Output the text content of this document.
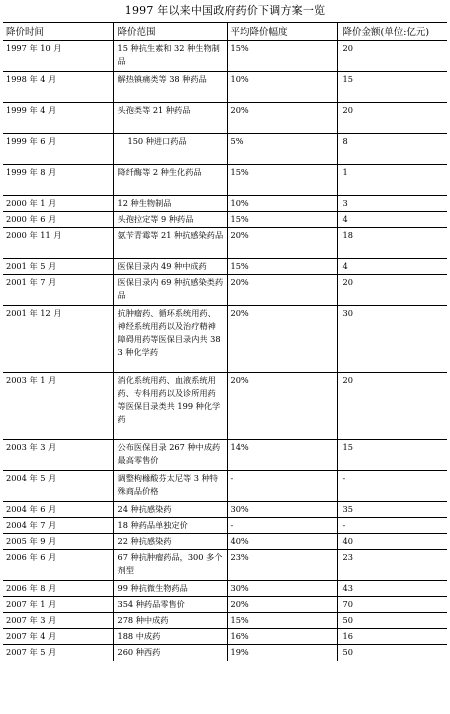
1997 年以来中国政府药价下调方案一览
降价时间	降价范围	平均降价幅度	降价金额(单位:亿元)
1997 年 10 月	15 种抗生素和 32 种生物制品	15%	20
1998 年 4 月	解热镇痛类等 38 种药品	10%	15
1999 年 4 月	头孢类等 21 种药品	20%	20
1999 年 6 月	150 种进口药品	5%	8
1999 年 8 月	降纤酶等 2 种生化药品	15%	1
2000 年 1 月	12 种生物制品	10%	3
2000 年 6 月	头孢拉定等 9 种药品	15%	4
2000 年 11 月	氨苄青霉等 21 种抗感染药品	20%	18
2001 年 5 月	医保目录内 49 种中成药	15%	4
2001 年 7 月	医保目录内 69 种抗感染类药品	20%	20
2001 年 12 月	抗肿瘤药、循环系统用药、神经系统用药以及治疗精神障碍用药等医保目录内共 383 种化学药	20%	30
2003 年 1 月	消化系统用药、血液系统用药、专科用药以及诊所用药等医保目录类共 199 种化学药	20%	20
2003 年 3 月	公布医保目录 267 种中成药最高零售价	14%	15
2004 年 5 月	调整枸橼酸芬太尼等 3 种特殊商品价格	-	-
2004 年 6 月	24 种抗感染药	30%	35
2004 年 7 月	18 种药品单独定价	-	-
2005 年 9 月	22 种抗感染药	40%	40
2006 年 6 月	67 种抗肿瘤药品，300 多个剂型	23%	23
2006 年 8 月	99 种抗微生物药品	30%	43
2007 年 1 月	354 种药品零售价	20%	70
2007 年 3 月	278 种中成药	15%	50
2007 年 4 月	188 中成药	16%	16
2007 年 5 月	260 种西药	19%	50
